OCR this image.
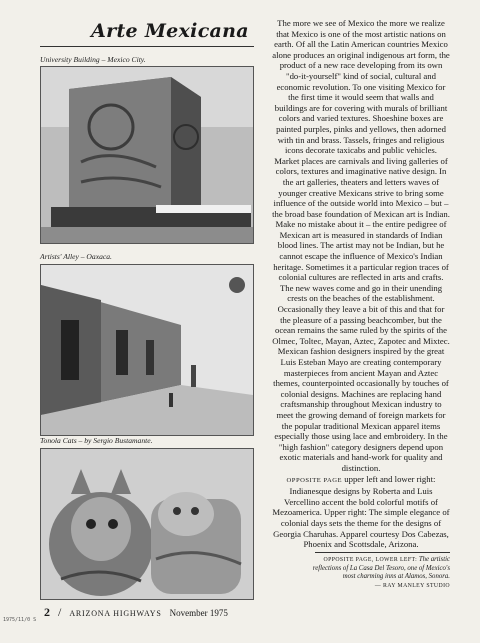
Arte Mexicana
University Building – Mexico City.
Artists' Alley – Oaxaca.
Tonola Cats – by Sergio Bustamante.

The more we see of Mexico the more we realize that Mexico is one of the most artistic nations on earth. Of all the Latin American countries Mexico alone produces an original indigenous art form, the product of a new race developing from its own "do-it-yourself" kind of social, cultural and economic revolution. To one visiting Mexico for the first time it would seem that walls and buildings are for covering with murals of brilliant colors and varied textures. Shoeshine boxes are painted purples, pinks and yellows, then adorned with tin and brass. Tassels, fringes and religious icons decorate taxicabs and public vehicles. Market places are carnivals and living galleries of colors, textures and imaginative native design. In the art galleries, theaters and letters waves of younger creative Mexicans strive to bring some influence of the outside world into Mexico – but – the broad base foundation of Mexican art is Indian. Make no mistake about it – the entire pedigree of Mexican art is measured in standards of Indian blood lines. The artist may not be Indian, but he cannot escape the influence of Mexico's Indian heritage. Sometimes it a particular region traces of colonial cultures are reflected in arts and crafts. The new waves come and go in their unending crests on the beaches of the establishment. Occasionally they leave a bit of this and that for the pleasure of a passing beachcomber, but the ocean remains the same ruled by the spirits of the Olmec, Toltec, Mayan, Aztec, Zapotec and Mixtec. Mexican fashion designers inspired by the great Luis Esteban Mayo are creating contemporary masterpieces from ancient Mayan and Aztec themes, counterpointed occasionally by touches of colonial designs. Machines are replacing hand craftsmanship throughout Mexican industry to meet the growing demand of foreign markets for the popular traditional Mexican apparel items especially those using lace and embroidery. In the "high fashion" category designers depend upon exotic materials and hand-work for quality and distinction.

OPPOSITE PAGE upper left and lower right: Indianesque designs by Roberta and Luis Vercellino accent the bold colorful motifs of Mezoamerica. Upper right: The simple elegance of colonial days sets the theme for the designs of Georgia Charuhas. Apparel courtesy Dos Cabezas, Phoenix and Scottsdale, Arizona.

OPPOSITE PAGE, LOWER LEFT: The artistic reflections of La Casa Del Tesoro, one of Mexico's most charming inns at Alamos, Sonora.
— RAY MANLEY STUDIO
2 / ARIZONA HIGHWAYS November 1975
1975/11/0 S
